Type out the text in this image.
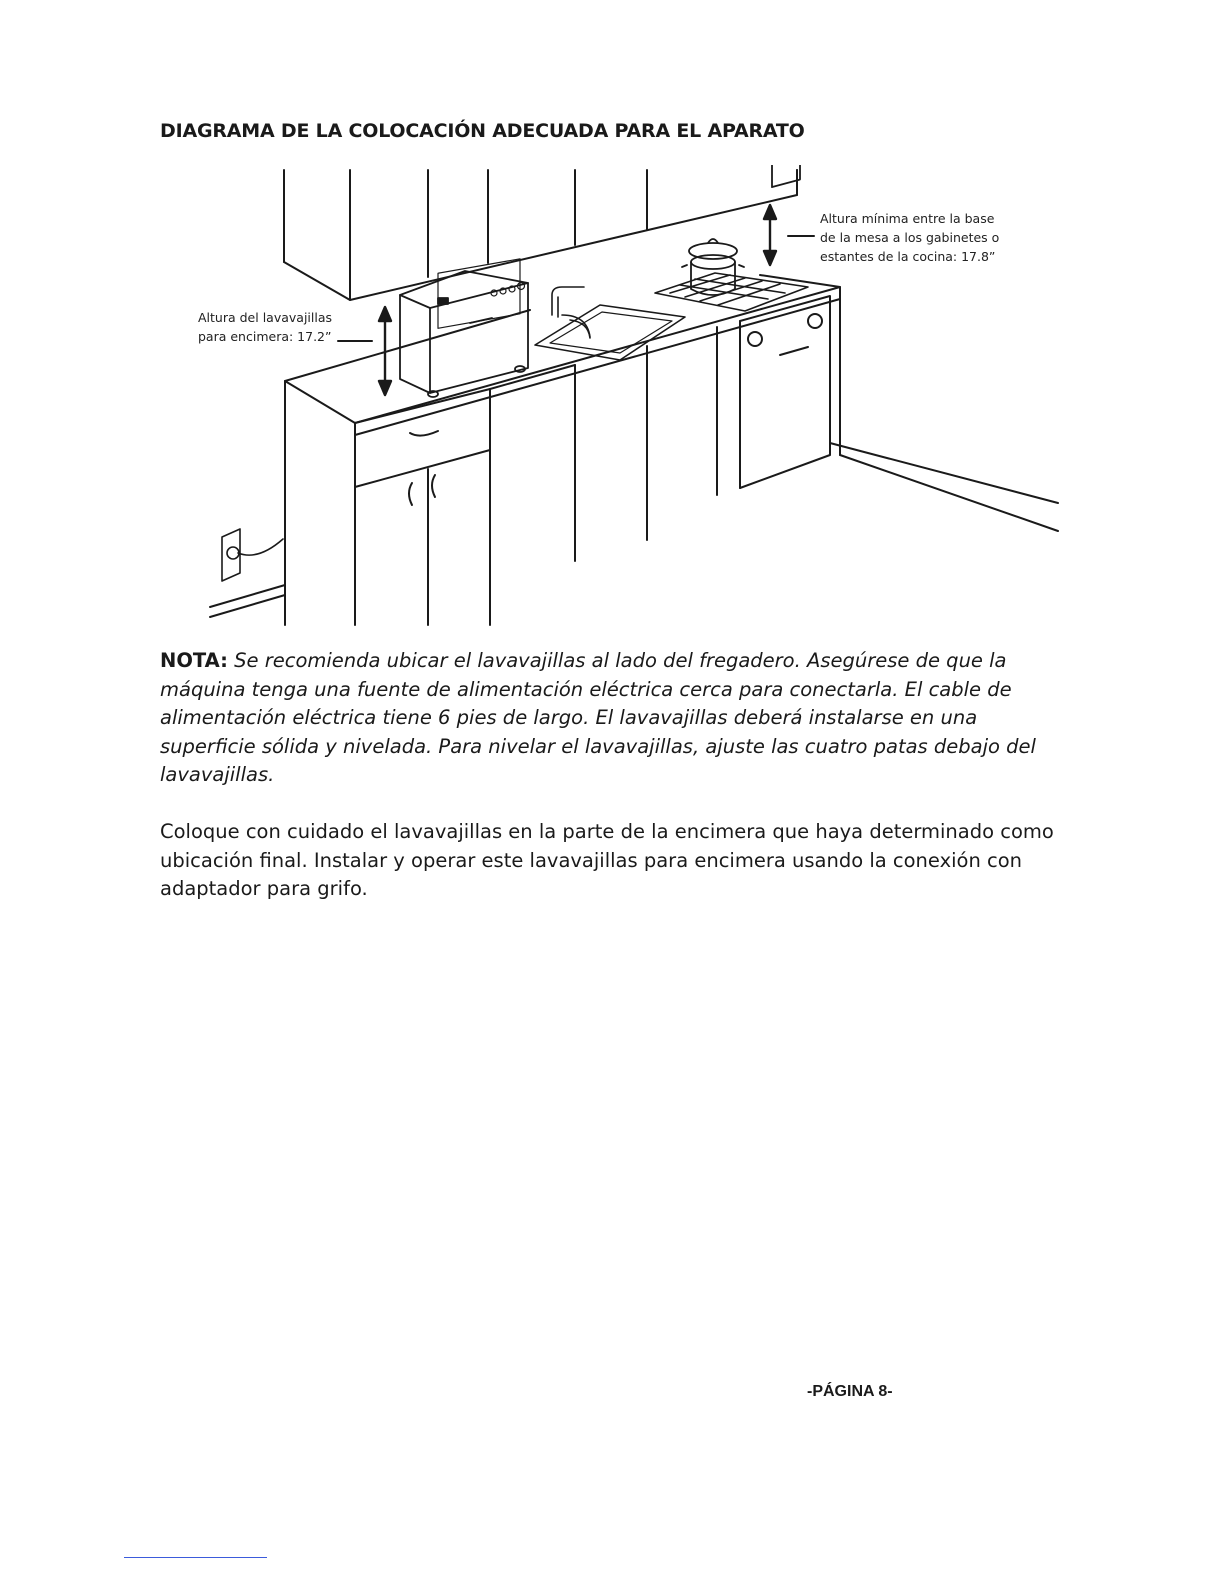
DIAGRAMA DE LA COLOCACIÓN ADECUADA PARA EL APARATO
Altura mínima entre la base
de la mesa a los gabinetes o
estantes de la cocina: 17.8”
Altura del lavavajillas
para encimera: 17.2”
NOTA: Se recomienda ubicar el lavavajillas al lado del fregadero. Asegúrese de que la máquina tenga una fuente de alimentación eléctrica cerca para conectarla. El cable de alimentación eléctrica tiene 6 pies de largo. El lavavajillas deberá instalarse en una superficie sólida y nivelada. Para nivelar el lavavajillas, ajuste las cuatro patas debajo del lavavajillas.
Coloque con cuidado el lavavajillas en la parte de la encimera que haya determinado como ubicación final. Instalar y operar este lavavajillas para encimera usando la conexión con adaptador para grifo.
-PÁGINA 8-
